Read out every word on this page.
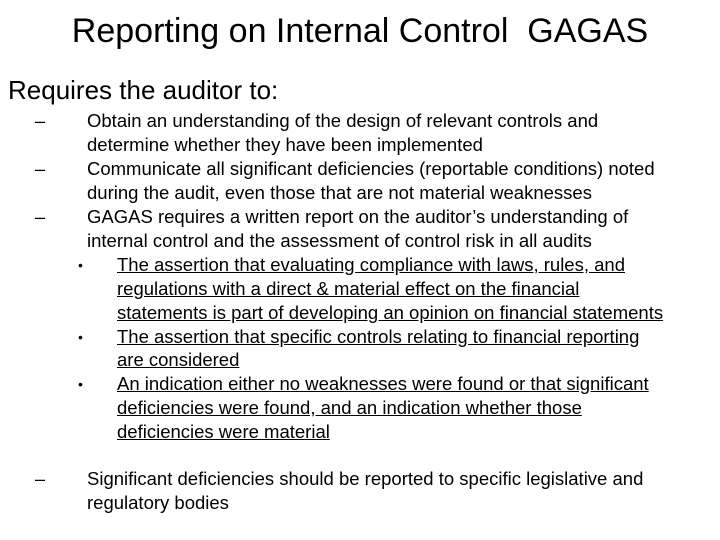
Reporting on Internal Control  GAGAS
Requires the auditor to:
– Obtain an understanding of the design of relevant controls and
determine whether they have been implemented
– Communicate all significant deficiencies (reportable conditions) noted
during the audit, even those that are not material weaknesses
– GAGAS requires a written report on the auditor’s understanding of
internal control and the assessment of control risk in all audits
• The assertion that evaluating compliance with laws, rules, and
regulations with a direct & material effect on the financial
statements is part of developing an opinion on financial statements
• The assertion that specific controls relating to financial reporting
are considered
• An indication either no weaknesses were found or that significant
deficiencies were found, and an indication whether those
deficiencies were material
– Significant deficiencies should be reported to specific legislative and
regulatory bodies
